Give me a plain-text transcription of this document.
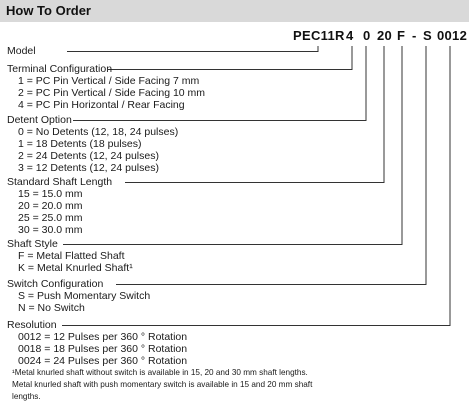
How To Order
PEC11R 4 0 20 F - S 0012
Model
Terminal Configuration
1 = PC Pin Vertical / Side Facing 7 mm
2 = PC Pin Vertical / Side Facing 10 mm
4 = PC Pin Horizontal / Rear Facing
Detent Option
0 = No Detents (12, 18, 24 pulses)
1 = 18 Detents (18 pulses)
2 = 24 Detents (12, 24 pulses)
3 = 12 Detents (12, 24 pulses)
Standard Shaft Length
15 = 15.0 mm
20 = 20.0 mm
25 = 25.0 mm
30 = 30.0 mm
Shaft Style
F = Metal Flatted Shaft
K = Metal Knurled Shaft¹
Switch Configuration
S = Push Momentary Switch
N = No Switch
Resolution
0012 = 12 Pulses per 360 ° Rotation
0018 = 18 Pulses per 360 ° Rotation
0024 = 24 Pulses per 360 ° Rotation
¹Metal knurled shaft without switch is available in 15, 20 and 30 mm shaft lengths.
Metal knurled shaft with push momentary switch is available in 15 and 20 mm shaft
lengths.
